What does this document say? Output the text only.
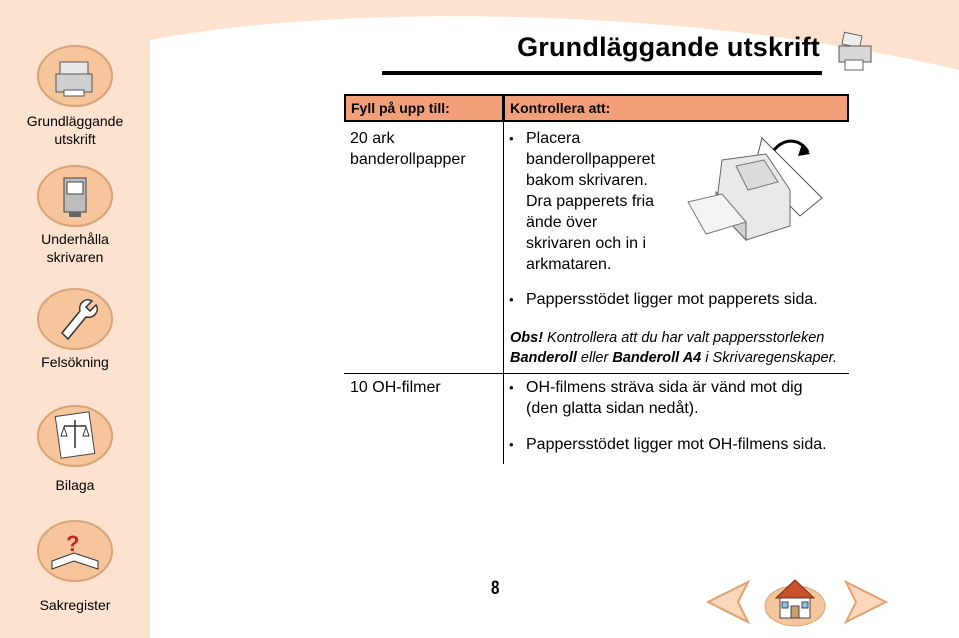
Grundläggande
utskrift
Underhålla
skrivaren
Felsökning
Bilaga
?
Sakregister
Grundläggande utskrift
Fyll på upp till:	Kontrollera att:
20 ark
banderollpapper
• Placera
banderollpapperet
bakom skrivaren.
Dra papperets fria
ände över
skrivaren och in i
arkmataren.
• Pappersstödet ligger mot papperets sida.
Obs! Kontrollera att du har valt pappersstorleken
Banderoll eller Banderoll A4 i Skrivaregenskaper.
10 OH-filmer
•	OH-filmens sträva sida är vänd mot dig
(den glatta sidan nedåt).
• Pappersstödet ligger mot OH-filmens sida.
8
